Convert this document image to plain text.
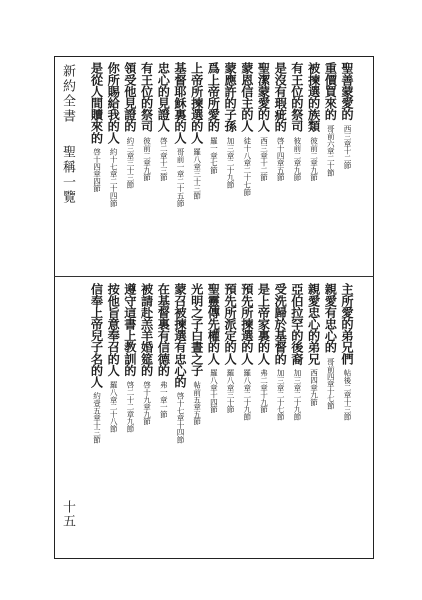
新約全書
聖稱一覽
十五
聖善蒙愛的
西三章十二節
重價買來的
哥前六章二十節
被揀選的族類
彼前二章九節
有王位的祭司
彼前二章九節
是沒有瑕疵的
啓十四章五節
聖潔蒙愛的人
西三章十二節
蒙恩信主的人
徒十八章二十七節
蒙應許的子孫
加三章二十九節
爲上帝所愛的
羅一章七節
上帝所揀選的人
羅八章三十三節
基督耶穌裏的人
哥前一章二十五節
忠心的見證人
啓二章十三節
有王位的祭司
彼前二章九節
領受他見證的
約三章三十三節
你所賜給我的人
約十七章二十四節
是從人間贖來的
啓十四章四節
主所愛的弟兄們
帖後二章十三節
親愛有忠心的
哥前四章十七節
親愛忠心的弟兄
西四章九節
亞伯拉罕的後裔
加三章二十九節
受洗歸於基督的
加三章二十七節
是上帝家裏的人
弗二章十九節
預先所揀選的人
羅八章二十九節
預先所派定的人
羅八章三十節
聖靈傳先權的人
羅八章十四節
光明之子白晝之子
帖前五章五節
蒙召被揀選有忠心的
啓十七章十四節
在基督裏有信德的
弗一章一節
被請赴羔羊婚筵的
啓十九章九節
遵守這書上教訓的
啓二十二章九節
按他旨意奉召的人
羅八章二十八節
信奉上帝兒子名的人
約壹五章十三節
